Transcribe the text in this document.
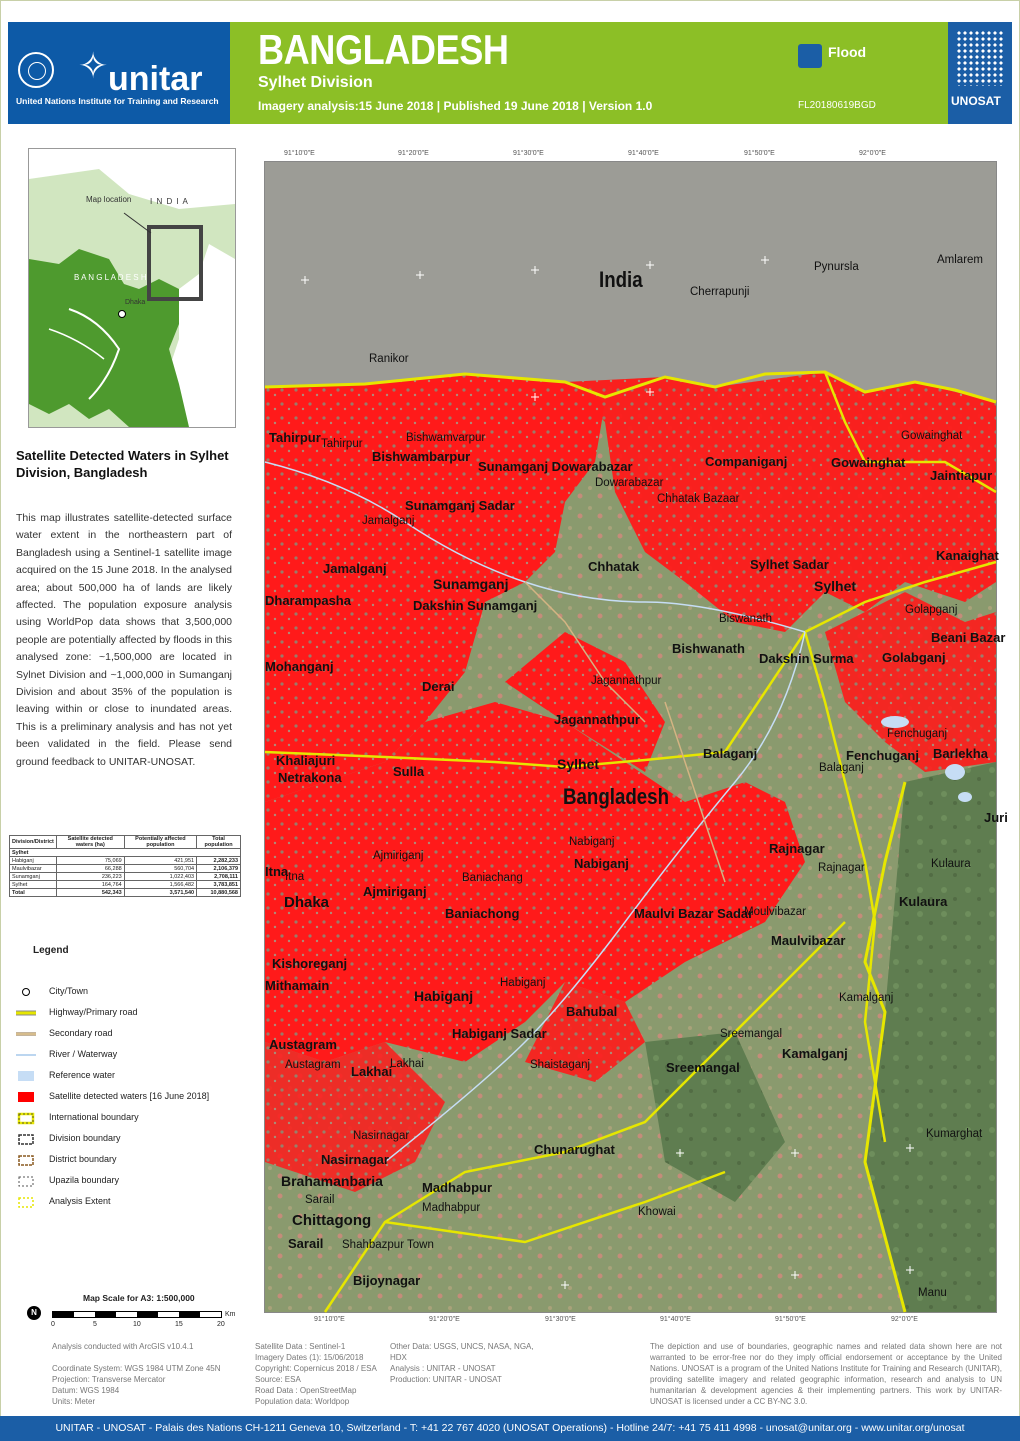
✧ unitar
United Nations Institute for Training and Research
BANGLADESH
Sylhet Division
Imagery analysis:15 June 2018 | Published 19 June 2018 | Version 1.0
Flood
FL20180619BGD	UNOSAT
Map location I N D I A
B A N G L A D E S H
Dhaka
Satellite Detected Waters in Sylhet Division, Bangladesh
This map illustrates satellite-detected surface water extent in the northeastern part of Bangladesh using a Sentinel-1 satellite image acquired on the 15 June 2018. In the analysed area; about 500,000 ha of lands are likely affected. The population exposure analysis using WorldPop data shows that 3,500,000 people are potentially affected by floods in this analysed zone: ~1,500,000 are located in Sylnet Division and ~1,000,000 in Sumanganj Division and about 35% of the population is leaving within or close to inundated areas. This is a preliminary analysis and has not yet been validated in the field. Please send ground feedback to UNITAR-UNOSAT.
Division/District	Satellite detected waters (ha)	Potentially affected population	Total population
Sylhet			
Habiganj	75,069	421,951	2,282,233
Maulvibazar	66,288	560,704	2,106,379
Sunamganj	236,223	1,022,403	2,708,111
Sylhet	164,764	1,566,482	3,783,851
Total	542,343	3,571,540	10,880,568
Legend
City/Town
Highway/Primary road
Secondary road
River / Waterway
Reference water
Satellite detected waters [16 June 2018]
International boundary
Division boundary
District boundary
Upazila boundary
Analysis Extent
Map Scale for A3: 1:500,000
N	Km
0	5	10	15	20
91°10'0"E	91°20'0"E	91°30'0"E	91°40'0"E	91°50'0"E	92°0'0"E
91°10'0"E	91°20'0"E	91°30'0"E	91°40'0"E	91°50'0"E	92°0'0"E
India
Bangladesh
Amlarem
Pynursla
Cherrapunji
Ranikor
Tahirpur Tahirpur	Bishwamvarpur
Bishwambarpur
Gowainghat
Companiganj	Gowainghat
Jaintiapur
Sunamganj Dowarabazar
Dowarabazar
Chhatak Bazaar
Sunamganj Sadar
Jamalganj
Jamalganj	Chhatak	Sylhet Sadar
Kanaighat
Sunamganj	Sylhet
Dharampasha	Dakshin Sunamganj	Golapganj
Biswanath
Beani Bazar
Bishwanath
Dakshin Surma Golabganj
Mohanganj
Derai	Jagannathpur
Jagannathpur
Fenchuganj
Fenchuganj Barlekha
Balaganj
Balaganj
Khaliajuri
Sulla	Sylhet
Netrakona
Juri
Nabiganj	Rajnagar
Ajmiriganj	Nabiganj	Rajnagar	Kulaura
Itna
Itna	Baniachang
Ajmiriganj
Kulaura
Dhaka
Baniachong	Maulvi Bazar Sadar
Moulvibazar
Maulvibazar
Kishoreganj
Mithamain	Habiganj
Habiganj	Kamalganj
Bahubal
Habiganj Sadar	Sreemangal
Austagram
Kamalganj
Austagram Lakhai
Lakhai	Shaistaganj	Sreemangal
Nasirnagar	Kumarghat
Chunarughat
Nasirnagar
Brahamanbaria	Madhabpur
Sarail
Madhabpur	Khowai
Chittagong
Sarail Shahbazpur Town
Bijoynagar
Manu
Analysis conducted with ArcGIS v10.4.1
Coordinate System: WGS 1984 UTM Zone 45N
Projection: Transverse Mercator
Datum: WGS 1984
Units: Meter
Satellite Data : Sentinel-1
Imagery Dates (1): 15/06/2018
Copyright: Copernicus 2018 / ESA
Source: ESA
Road Data : OpenStreetMap
Population data: Worldpop
Other Data: USGS, UNCS, NASA, NGA,
HDX
Analysis : UNITAR - UNOSAT
Production: UNITAR - UNOSAT
The depiction and use of boundaries, geographic names and related data shown here are not warranted to be error-free nor do they imply official endorsement or acceptance by the United Nations. UNOSAT is a program of the United Nations Institute for Training and Research (UNITAR), providing satellite imagery and related geographic information, research and analysis to UN humanitarian & development agencies & their implementing partners. This work by UNITAR-UNOSAT is licensed under a CC BY-NC 3.0.
UNITAR - UNOSAT - Palais des Nations CH-1211 Geneva 10, Switzerland - T: +41 22 767 4020 (UNOSAT Operations) - Hotline 24/7: +41 75 411 4998 - unosat@unitar.org - www.unitar.org/unosat
